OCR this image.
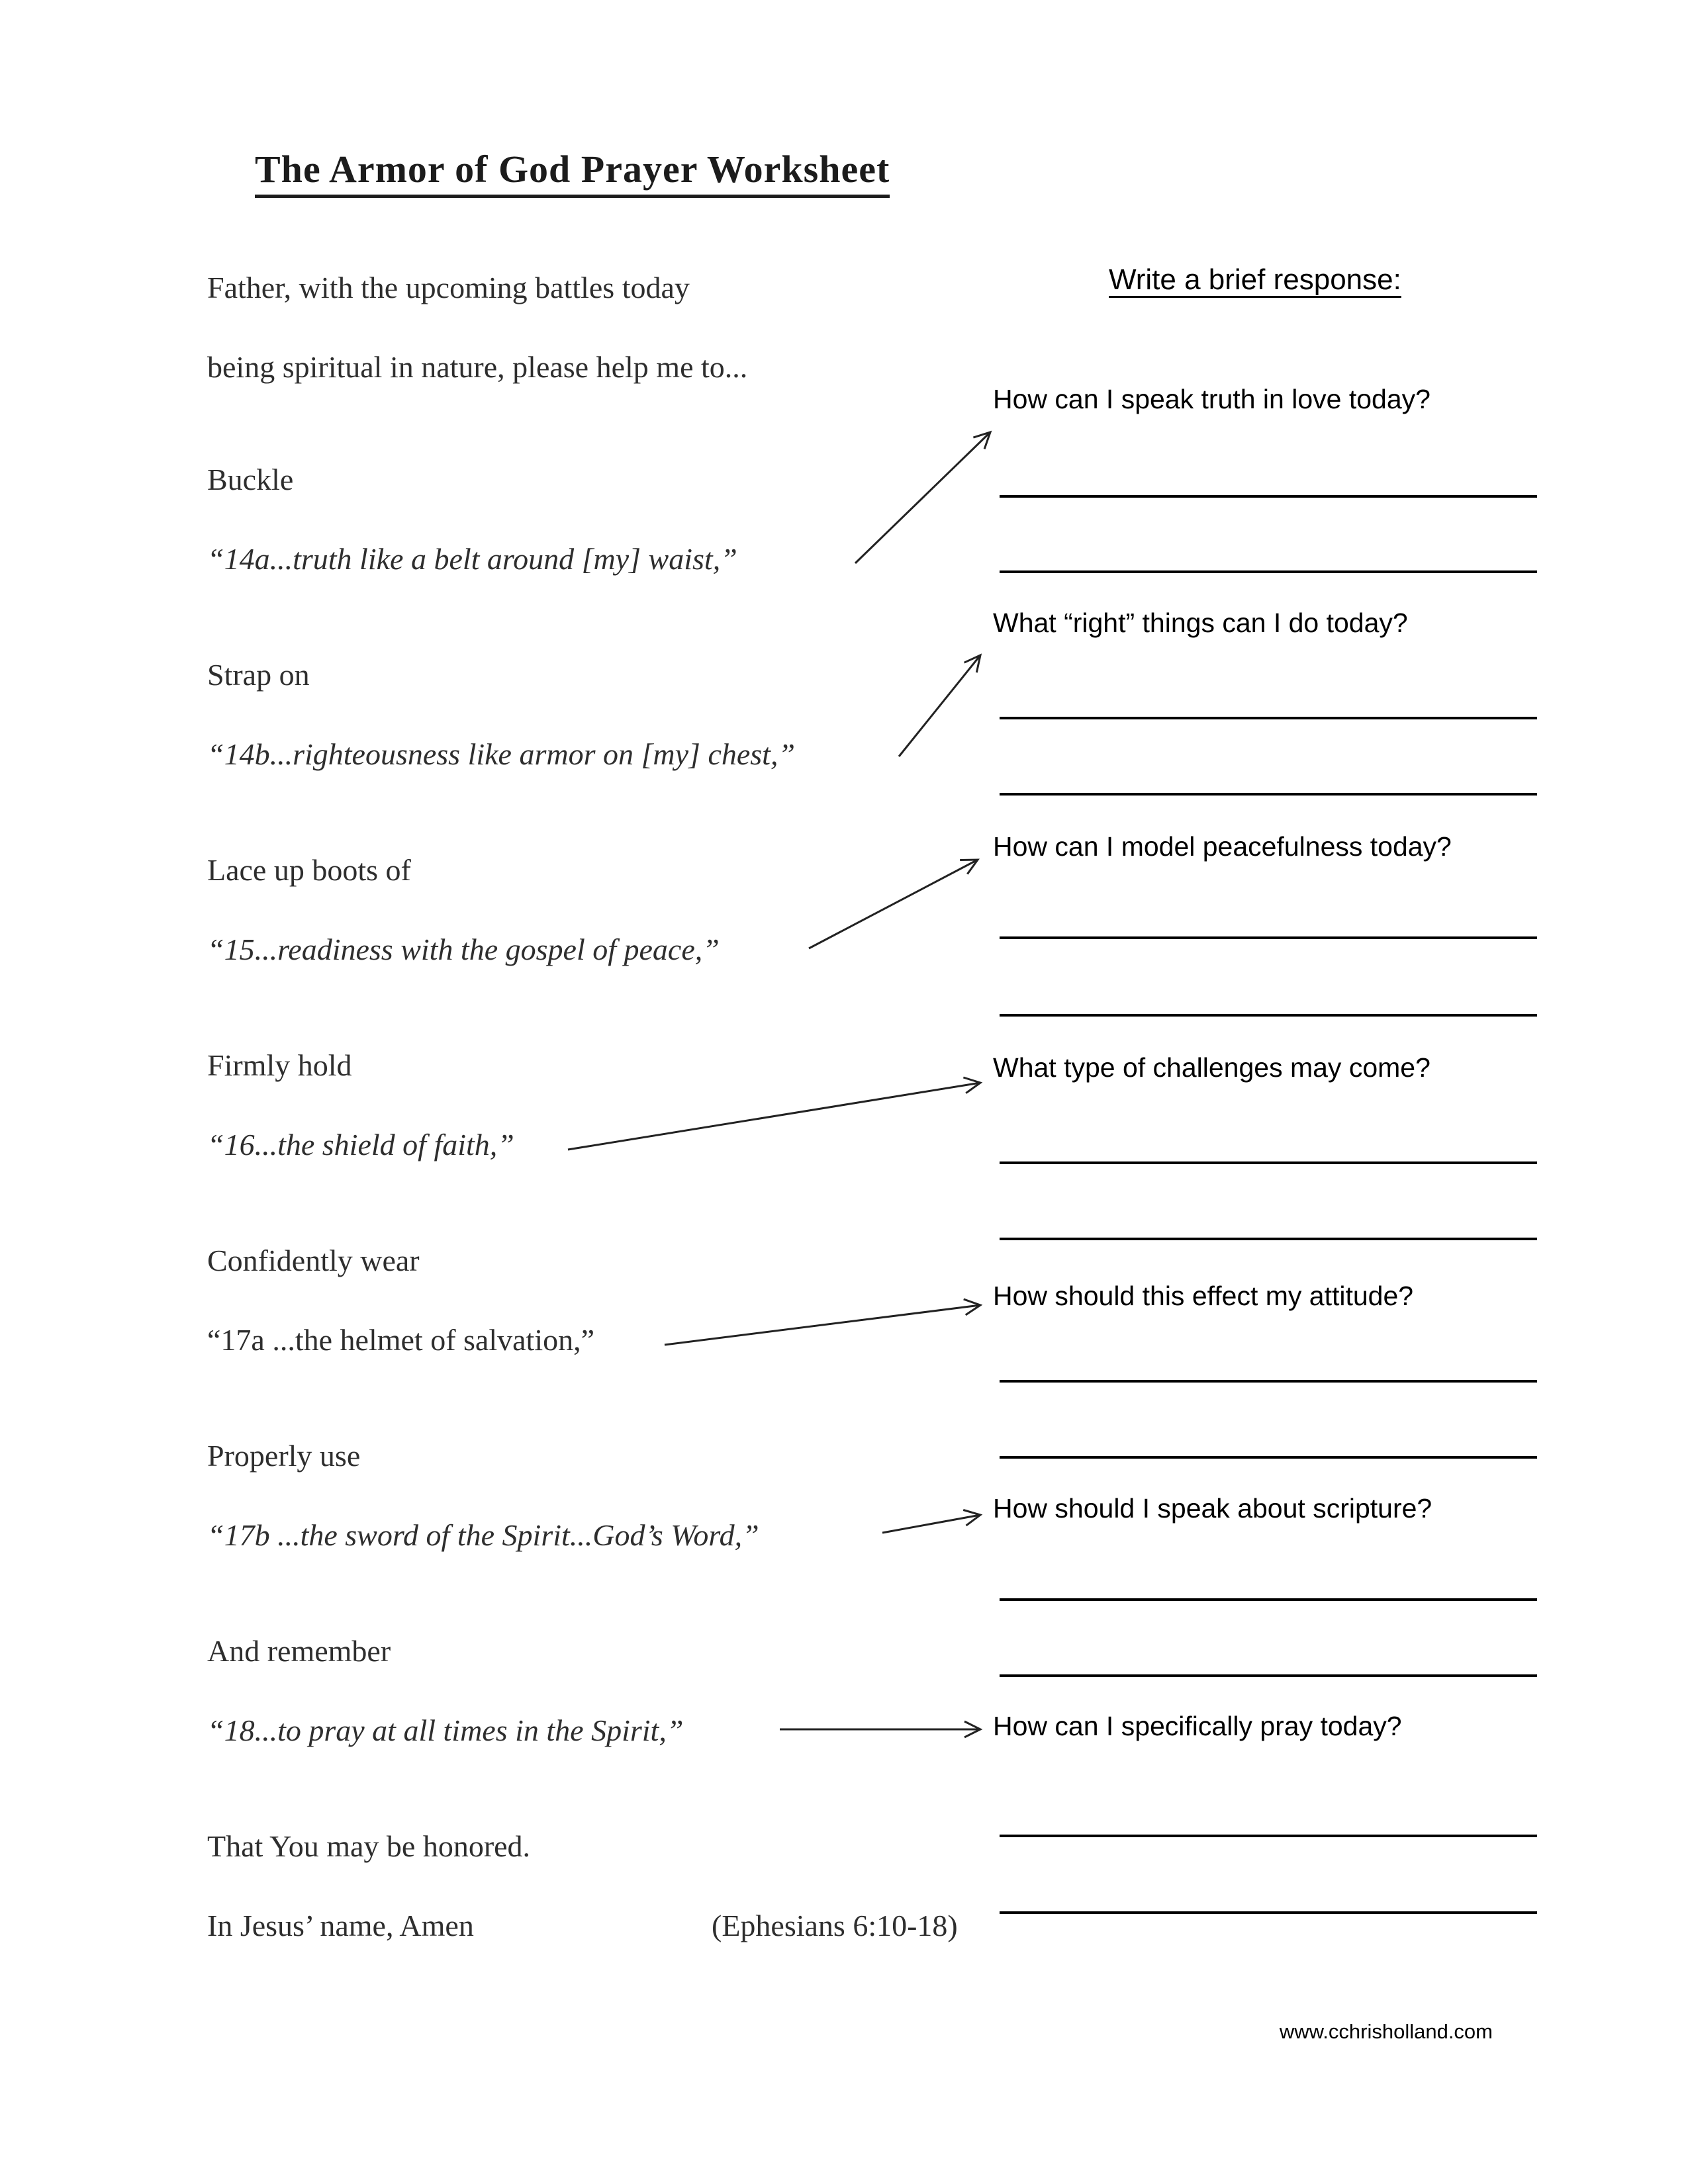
The Armor of God Prayer Worksheet
Father, with the upcoming battles today
being spiritual in nature, please help me to...
Buckle
“14a...truth like a belt around [my] waist,”
Strap on
“14b...righteousness like armor on [my] chest,”
Lace up boots of
“15...readiness with the gospel of peace,”
Firmly hold
“16...the shield of faith,”
Confidently wear
“17a ...the helmet of salvation,”
Properly use
“17b ...the sword of the Spirit...God’s Word,”
And remember
“18...to pray at all times in the Spirit,”
That You may be honored.
In Jesus’ name, Amen	(Ephesians 6:10-18)
Write a brief response:
How can I speak truth in love today?
What “right” things can I do today?
How can I model peacefulness today?
What type of challenges may come?
How should this effect my attitude?
How should I speak about scripture?
How can I specifically pray today?
www.cchrisholland.com
